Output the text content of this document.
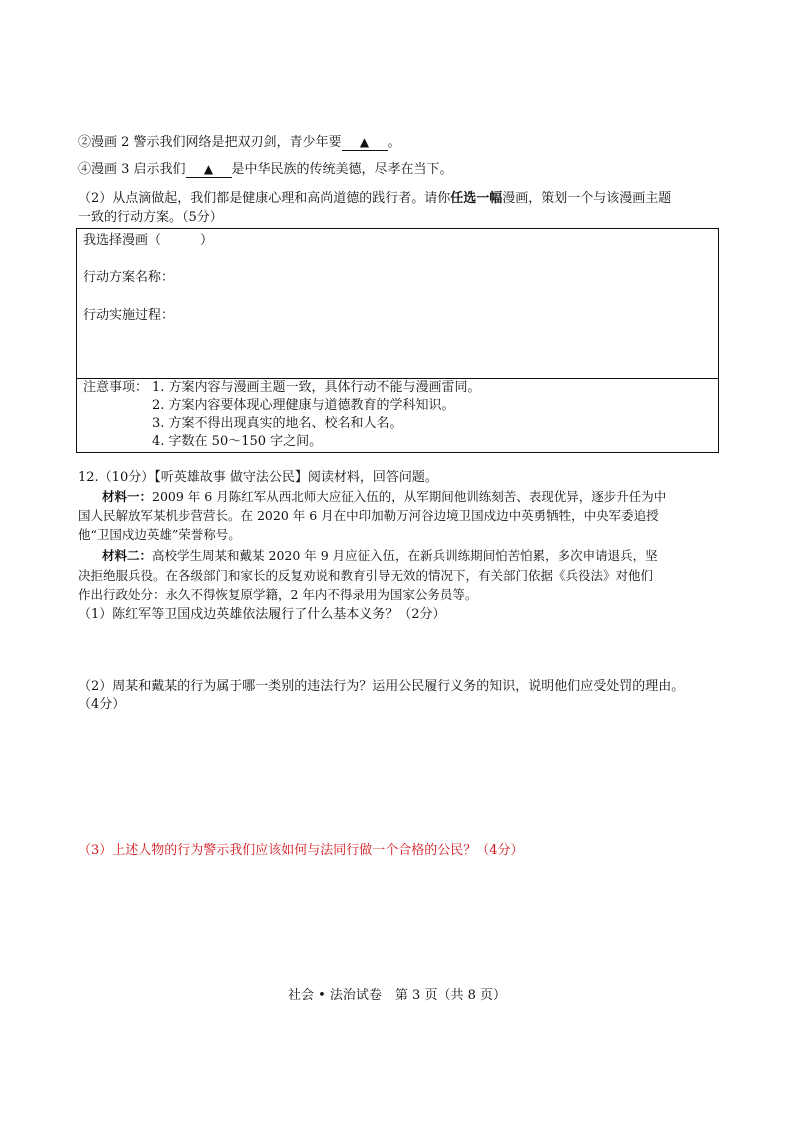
②漫画 2 警示我们网络是把双刃剑，青少年要 ▲ 。
④漫画 3 启示我们 ▲ 是中华民族的传统美德，尽孝在当下。
（2）从点滴做起，我们都是健康心理和高尚道德的践行者。请你任选一幅漫画，策划一个与该漫画主题
一致的行动方案。（5分）
我选择漫画（　　　）
行动方案名称：
行动实施过程：
注意事项： 1. 方案内容与漫画主题一致，具体行动不能与漫画雷同。
2. 方案内容要体现心理健康与道德教育的学科知识。
3. 方案不得出现真实的地名、校名和人名。
4. 字数在 50～150 字之间。
12.（10分）【听英雄故事 做守法公民】阅读材料，回答问题。
材料一：2009 年 6 月陈红军从西北师大应征入伍的，从军期间他训练刻苦、表现优异，逐步升任为中
国人民解放军某机步营营长。在 2020 年 6 月在中印加勒万河谷边境卫国戍边中英勇牺牲，中央军委追授
他“卫国戍边英雄”荣誉称号。
材料二：高校学生周某和戴某 2020 年 9 月应征入伍，在新兵训练期间怕苦怕累，多次申请退兵，坚
决拒绝服兵役。在各级部门和家长的反复劝说和教育引导无效的情况下，有关部门依据《兵役法》对他们
作出行政处分：永久不得恢复原学籍，2 年内不得录用为国家公务员等。
（1）陈红军等卫国戍边英雄依法履行了什么基本义务？（2分）
（2）周某和戴某的行为属于哪一类别的违法行为？运用公民履行义务的知识，说明他们应受处罚的理由。
（4分）
（3）上述人物的行为警示我们应该如何与法同行做一个合格的公民？（4分）
社会 • 法治试卷　第 3 页（共 8 页）
